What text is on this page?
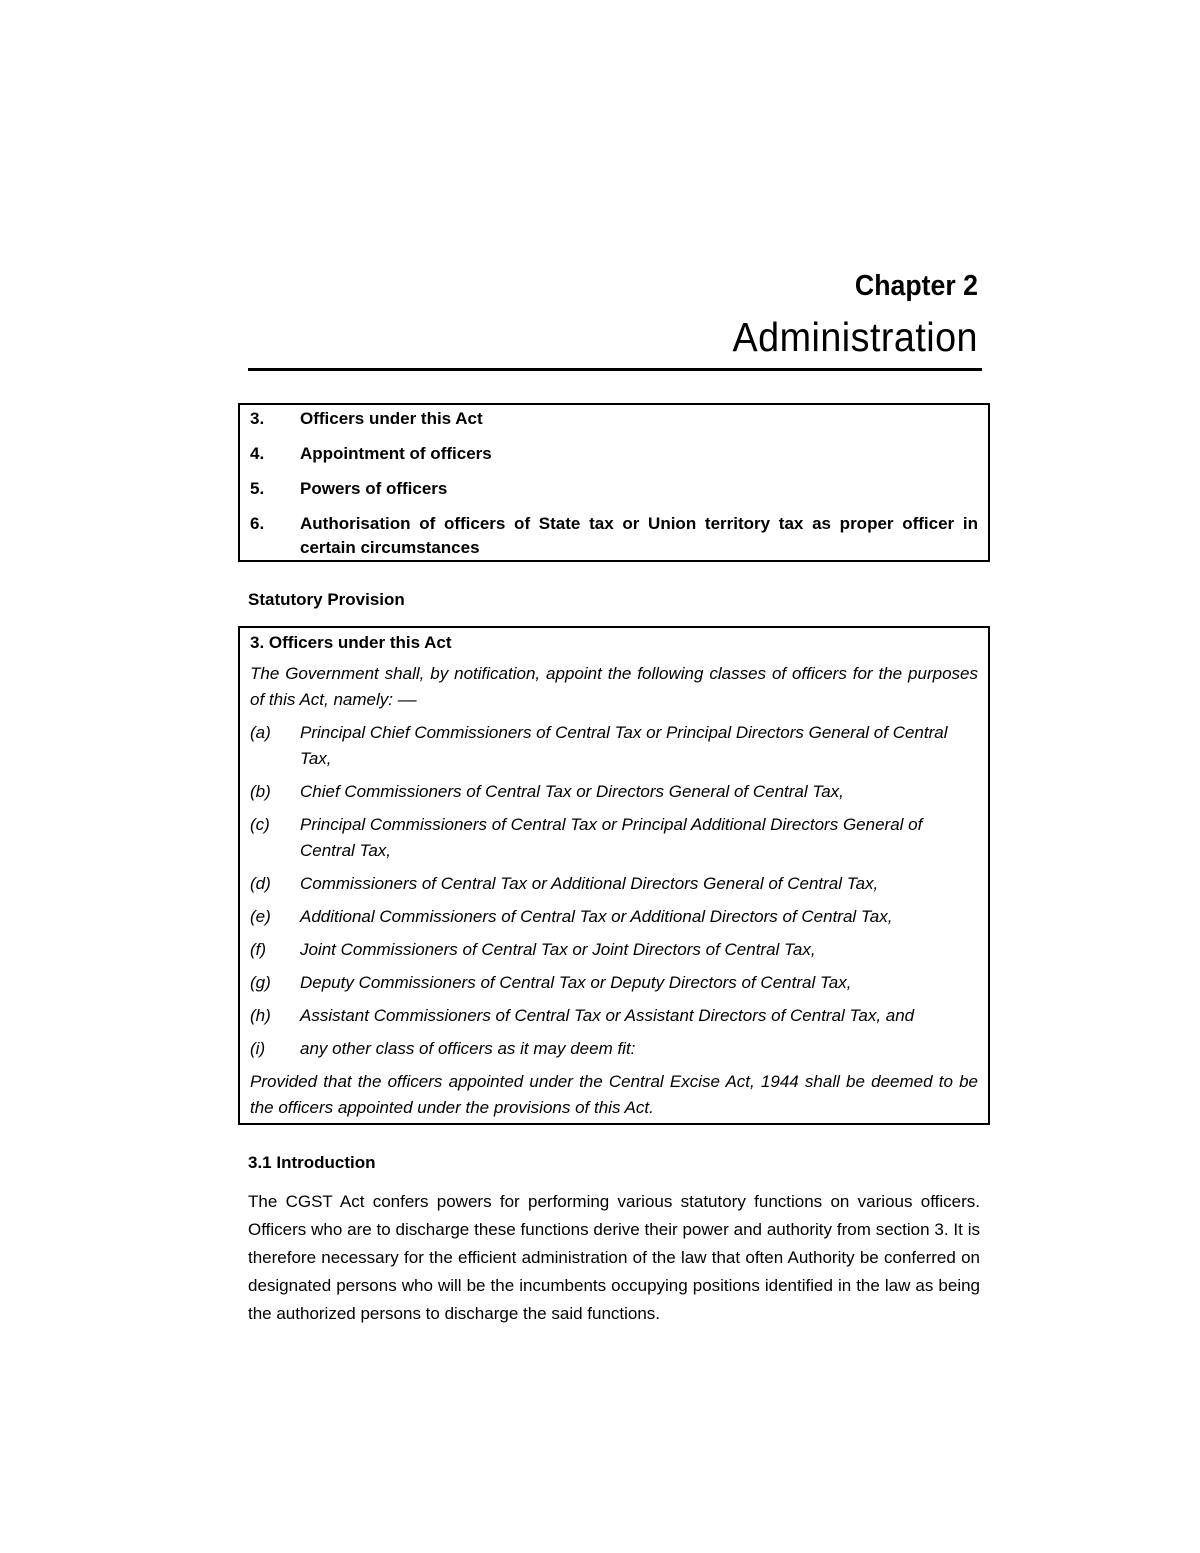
Chapter 2
Administration
3.	Officers under this Act
4.	Appointment of officers
5.	Powers of officers
6.	Authorisation of officers of State tax or Union territory tax as proper officer in certain circumstances
Statutory Provision
3. Officers under this Act
The Government shall, by notification, appoint the following classes of officers for the purposes of this Act, namely: ––
(a)	Principal Chief Commissioners of Central Tax or Principal Directors General of Central Tax,
(b)	Chief Commissioners of Central Tax or Directors General of Central Tax,
(c)	Principal Commissioners of Central Tax or Principal Additional Directors General of Central Tax,
(d)	Commissioners of Central Tax or Additional Directors General of Central Tax,
(e)	Additional Commissioners of Central Tax or Additional Directors of Central Tax,
(f)	Joint Commissioners of Central Tax or Joint Directors of Central Tax,
(g)	Deputy Commissioners of Central Tax or Deputy Directors of Central Tax,
(h)	Assistant Commissioners of Central Tax or Assistant Directors of Central Tax, and
(i)	any other class of officers as it may deem fit:
Provided that the officers appointed under the Central Excise Act, 1944 shall be deemed to be the officers appointed under the provisions of this Act.
3.1 Introduction
The CGST Act confers powers for performing various statutory functions on various officers. Officers who are to discharge these functions derive their power and authority from section 3. It is therefore necessary for the efficient administration of the law that often Authority be conferred on designated persons who will be the incumbents occupying positions identified in the law as being the authorized persons to discharge the said functions.
